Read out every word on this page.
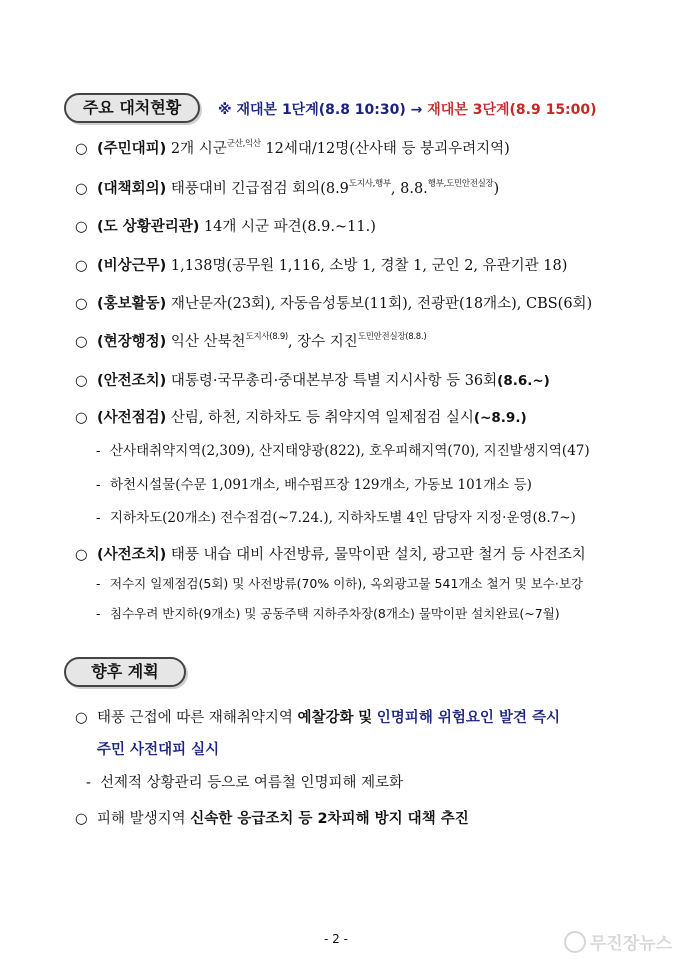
주요 대처현황	※ 재대본 1단계(8.8 10:30) → 재대본 3단계(8.9 15:00)
○ (주민대피) 2개 시군$^{군산,익산}$ 12세대/12명(산사태 등 붕괴우려지역)
○ (대책회의) 태풍대비 긴급점검 회의($8.9^{도지사,행부}$, 8.8.$^{행부,도민안전실장}$)
○ (도 상황관리관) 14개 시군 파견(8.9.~11.)
○ (비상근무) 1,138명(공무원 1,116, 소방 1, 경찰 1, 군인 2, 유관기관 18)
○ (홍보활동) 재난문자(23회), 자동음성통보(11회), 전광판(18개소), CBS(6회)
○ (현장행정) 익산 산북천$^{도지사(8.9)}$, 장수 지진$^{도민안전실장(8.8.)}$
○ (안전조치) 대통령·국무총리·중대본부장 특별 지시사항 등 36회(8.6.~)
○ (사전점검) 산림, 하천, 지하차도 등 취약지역 일제점검 실시(~8.9.)
- 산사태취약지역(2,309), 산지태양광(822), 호우피해지역(70), 지진발생지역(47)
- 하천시설물(수문 1,091개소, 배수펌프장 129개소, 가동보 101개소 등)
- 지하차도(20개소) 전수점검(~7.24.), 지하차도별 4인 담당자 지정·운영(8.7~)
○ (사전조치) 태풍 내습 대비 사전방류, 물막이판 설치, 광고판 철거 등 사전조치
- 저수지 일제점검(5회) 및 사전방류(70% 이하), 옥외광고물 541개소 철거 및 보수·보강
- 침수우려 반지하(9개소) 및 공동주택 지하주차장(8개소) 물막이판 설치완료(~7월)
향후 계획
○ 태풍 근접에 따른 재해취약지역 예찰강화 및 인명피해 위험요인 발견 즉시
주민 사전대피 실시
- 선제적 상황관리 등으로 여름철 인명피해 제로화
○ 피해 발생지역 신속한 응급조치 등 2차피해 방지 대책 추진
- 2 -	무진장뉴스
